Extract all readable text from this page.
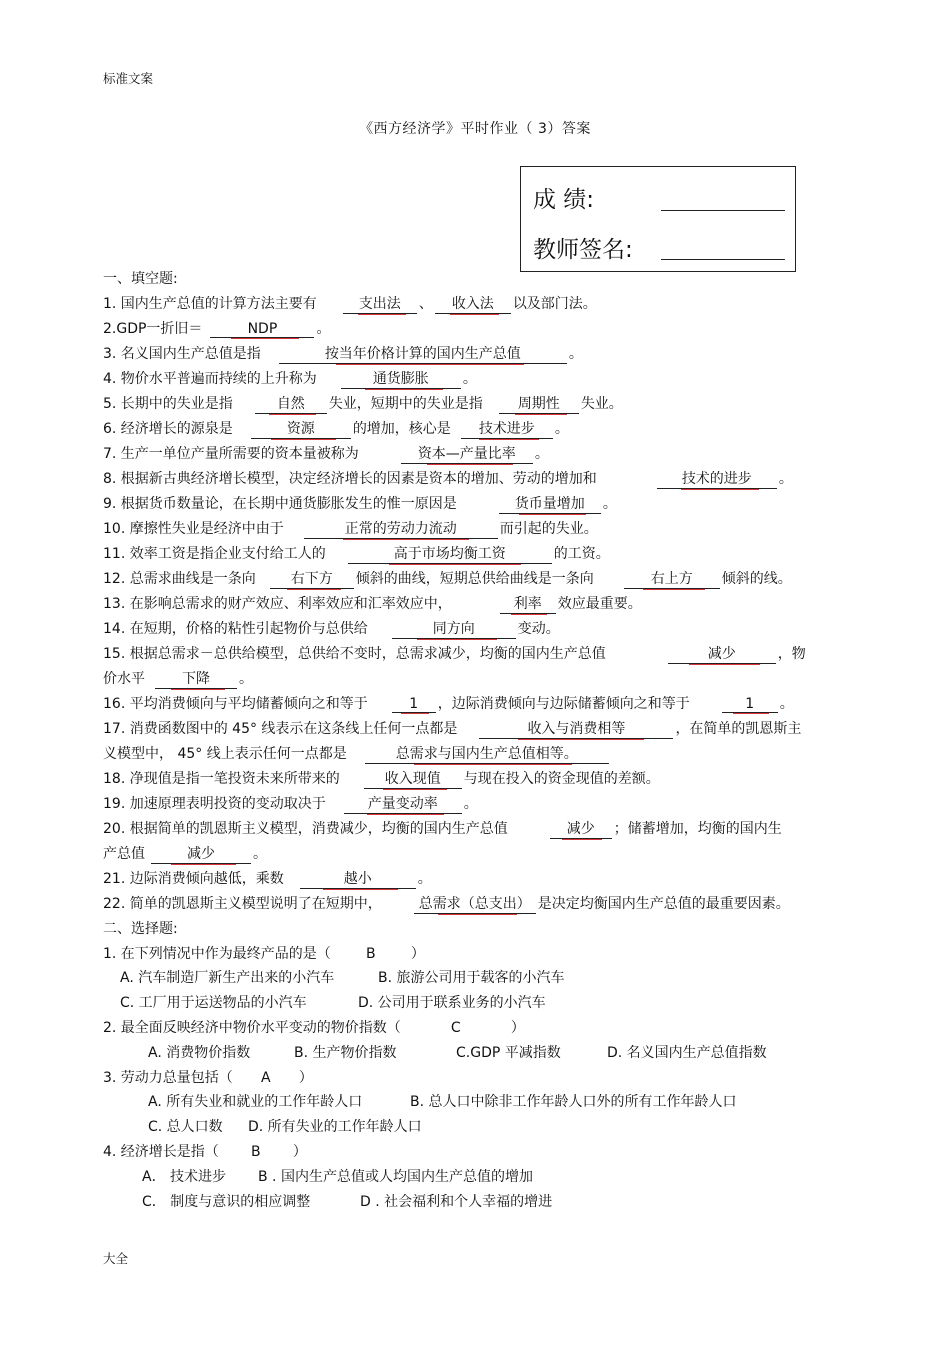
标准文案
《西方经济学》平时作业（ 3）答案
成 绩:
教师签名:
一、填空题:
1. 国内生产总值的计算方法主要有	支出法 、 收入法 以及部门法。
2.GDP一折旧＝	NDP	。
3. 名义国内生产总值是指	按当年价格计算的国内生产总值	。
4. 物价水平普遍而持续的上升称为	通货膨胀 。
5. 长期中的失业是指	自然 失业，短期中的失业是指	周期性 失业。
6. 经济增长的源泉是	资源	的增加，核心是 技术进步 。
7. 生产一单位产量所需要的资本量被称为	资本—产量比率 。
8. 根据新古典经济增长模型，决定经济增长的因素是资本的增加、劳动的增加和	技术的进步 。
9. 根据货币数量论，在长期中通货膨胀发生的惟一原因是	货币量增加 。
10. 摩擦性失业是经济中由于	正常的劳动力流动	而引起的失业。
11. 效率工资是指企业支付给工人的	高于市场均衡工资	的工资。
12. 总需求曲线是一条向	右下方 倾斜的曲线，短期总供给曲线是一条向	右上方 倾斜的线。
13. 在影响总需求的财产效应、利率效应和汇率效应中，	利率 效应最重要。
14. 在短期，价格的粘性引起物价与总供给	同方向	变动。
15. 根据总需求－总供给模型，总供给不变时，总需求减少，均衡的国内生产总值	减少	，物
价水平	下降 。
16. 平均消费倾向与平均储蓄倾向之和等于	1 ，边际消费倾向与边际储蓄倾向之和等于	1 。
17. 消费函数图中的 45° 线表示在这条线上任何一点都是	收入与消费相等	，在简单的凯恩斯主
义模型中， 45° 线上表示任何一点都是	总需求与国内生产总值相等。
18. 净现值是指一笔投资未来所带来的	收入现值 与现在投入的资金现值的差额。
19. 加速原理表明投资的变动取决于	产量变动率 。
20. 根据简单的凯恩斯主义模型，消费减少，均衡的国内生产总值	减少 ；储蓄增加，均衡的国内生
产总值	减少	。
21. 边际消费倾向越低，乘数	越小	。
22. 简单的凯恩斯主义模型说明了在短期中，	总需求（总支出） 是决定均衡国内生产总值的最重要因素。
二、选择题:
1. 在下列情况中作为最终产品的是（	B	）
A. 汽车制造厂新生产出来的小汽车	B. 旅游公司用于载客的小汽车
C. 工厂用于运送物品的小汽车	D. 公司用于联系业务的小汽车
2. 最全面反映经济中物价水平变动的物价指数（	C	）
A. 消费物价指数	B. 生产物价指数	C.GDP 平减指数	D. 名义国内生产总值指数
3. 劳动力总量包括（ A ）
A. 所有失业和就业的工作年龄人口	B. 总人口中除非工作年龄人口外的所有工作年龄人口
C. 总人口数 D. 所有失业的工作年龄人口
4. 经济增长是指（ B ）
A． 技术进步 B . 国内生产总值或人均国内生产总值的增加
C． 制度与意识的相应调整	D . 社会福利和个人幸福的增进
大全
